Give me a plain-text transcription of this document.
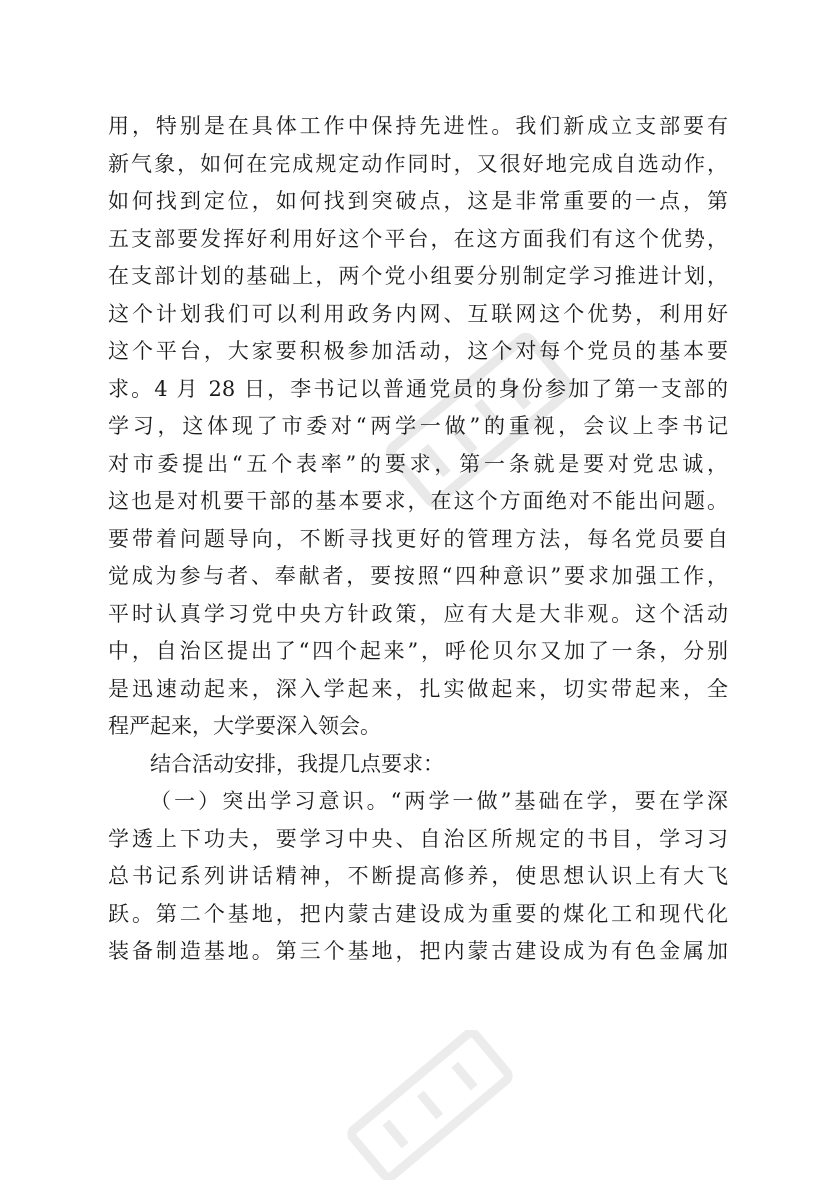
用，特别是在具体工作中保持先进性。我们新成立支部要有
新气象，如何在完成规定动作同时，又很好地完成自选动作，
如何找到定位，如何找到突破点，这是非常重要的一点，第
五支部要发挥好利用好这个平台，在这方面我们有这个优势，
在支部计划的基础上，两个党小组要分别制定学习推进计划，
这个计划我们可以利用政务内网、互联网这个优势，利用好
这个平台，大家要积极参加活动，这个对每个党员的基本要
求。4 月 28 日，李书记以普通党员的身份参加了第一支部的
学习，这体现了市委对“两学一做”的重视，会议上李书记
对市委提出“五个表率”的要求，第一条就是要对党忠诚，
这也是对机要干部的基本要求，在这个方面绝对不能出问题。
要带着问题导向，不断寻找更好的管理方法，每名党员要自
觉成为参与者、奉献者，要按照“四种意识”要求加强工作，
平时认真学习党中央方针政策，应有大是大非观。这个活动
中，自治区提出了“四个起来”，呼伦贝尔又加了一条，分别
是迅速动起来，深入学起来，扎实做起来，切实带起来，全
程严起来，大学要深入领会。
结合活动安排，我提几点要求：
（一）突出学习意识。“两学一做”基础在学，要在学深
学透上下功夫，要学习中央、自治区所规定的书目，学习习
总书记系列讲话精神，不断提高修养，使思想认识上有大飞
跃。第二个基地，把内蒙古建设成为重要的煤化工和现代化
装备制造基地。第三个基地，把内蒙古建设成为有色金属加
